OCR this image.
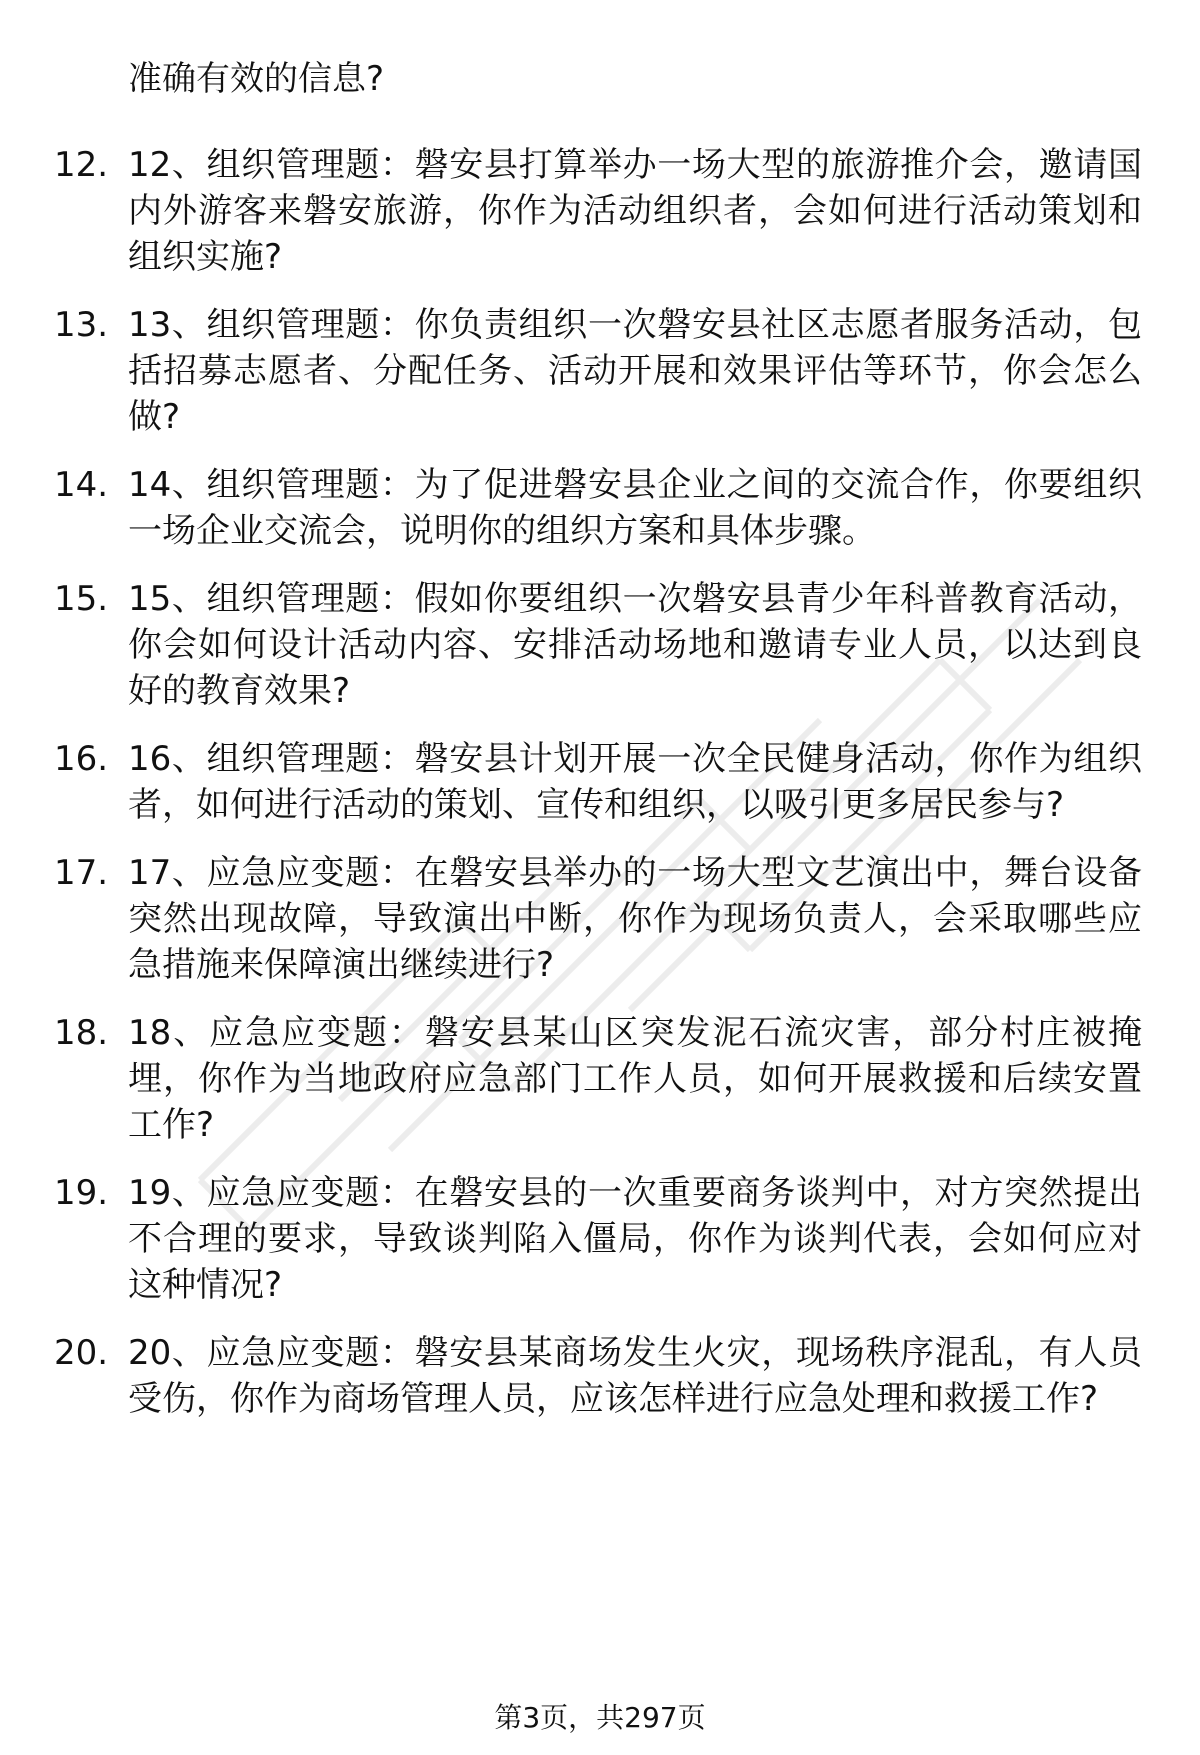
准确有效的信息?

12. 12、组织管理题：磐安县打算举办一场大型的旅游推介会，邀请国内外游客来磐安旅游，你作为活动组织者，会如何进行活动策划和组织实施?
13. 13、组织管理题：你负责组织一次磐安县社区志愿者服务活动，包括招募志愿者、分配任务、活动开展和效果评估等环节，你会怎么做?
14. 14、组织管理题：为了促进磐安县企业之间的交流合作，你要组织一场企业交流会，说明你的组织方案和具体步骤。
15. 15、组织管理题：假如你要组织一次磐安县青少年科普教育活动，你会如何设计活动内容、安排活动场地和邀请专业人员，以达到良好的教育效果?
16. 16、组织管理题：磐安县计划开展一次全民健身活动，你作为组织者，如何进行活动的策划、宣传和组织，以吸引更多居民参与?
17. 17、应急应变题：在磐安县举办的一场大型文艺演出中，舞台设备突然出现故障，导致演出中断，你作为现场负责人，会采取哪些应急措施来保障演出继续进行?
18. 18、应急应变题：磐安县某山区突发泥石流灾害，部分村庄被掩埋，你作为当地政府应急部门工作人员，如何开展救援和后续安置工作?
19. 19、应急应变题：在磐安县的一次重要商务谈判中，对方突然提出不合理的要求，导致谈判陷入僵局，你作为谈判代表，会如何应对这种情况?
20. 20、应急应变题：磐安县某商场发生火灾，现场秩序混乱，有人员受伤，你作为商场管理人员，应该怎样进行应急处理和救援工作?
第3页，共297页
